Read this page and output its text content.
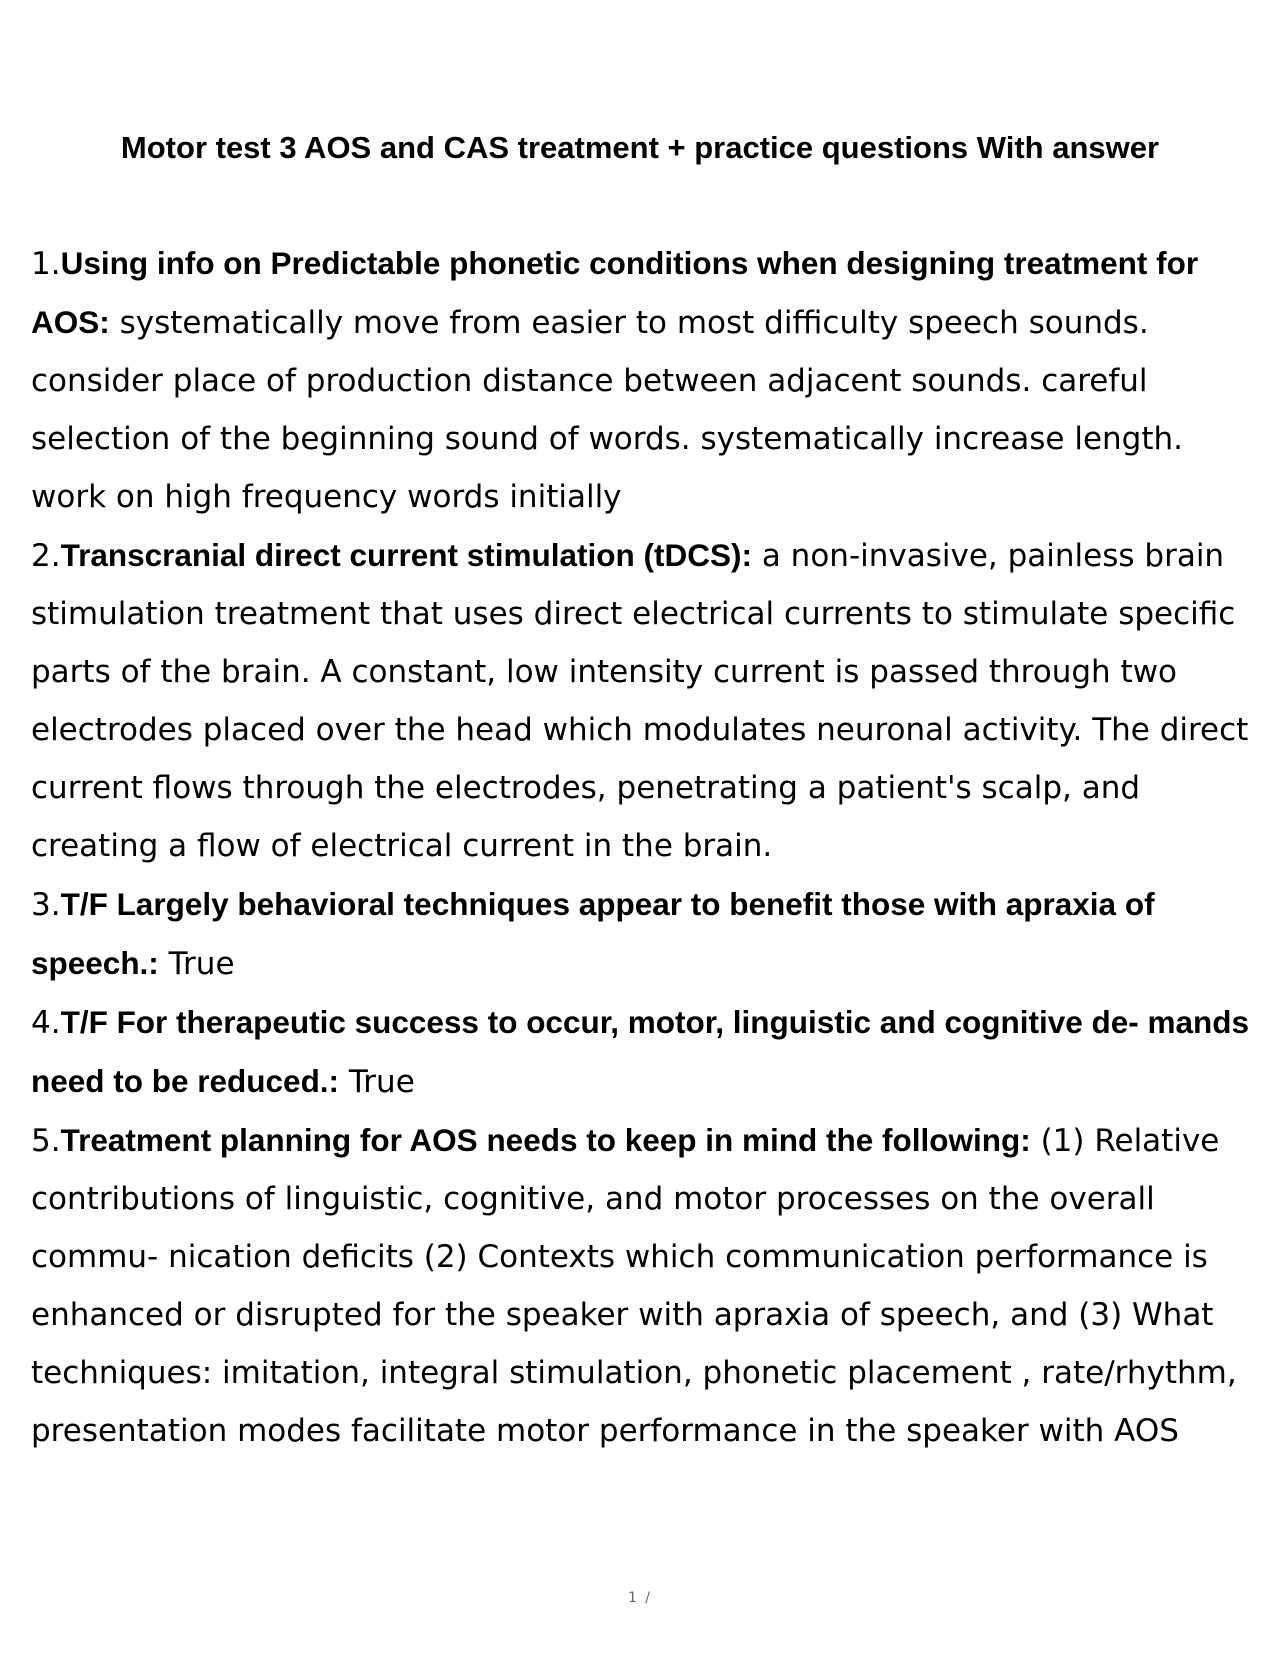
Motor test 3 AOS and CAS treatment + practice questions With answer

1.Using info on Predictable phonetic conditions when designing treatment for AOS: systematically move from easier to most difficulty speech sounds. consider place of production distance between adjacent sounds. careful selection of the beginning sound of words. systematically increase length. work on high frequency words initially

2.Transcranial direct current stimulation (tDCS): a non-invasive, painless brain stimulation treatment that uses direct electrical currents to stimulate specific parts of the brain. A constant, low intensity current is passed through two electrodes placed over the head which modulates neuronal activity. The direct current flows through the electrodes, penetrating a patient's scalp, and creating a flow of electrical current in the brain.

3.T/F Largely behavioral techniques appear to benefit those with apraxia of speech.: True

4.T/F For therapeutic success to occur, motor, linguistic and cognitive de- mands need to be reduced.: True

5.Treatment planning for AOS needs to keep in mind the following: (1) Relative contributions of linguistic, cognitive, and motor processes on the overall commu- nication deficits (2) Contexts which communication performance is enhanced or disrupted for the speaker with apraxia of speech, and (3) What techniques: imitation, integral stimulation, phonetic placement , rate/rhythm, presentation modes facilitate motor performance in the speaker with AOS

1 /
